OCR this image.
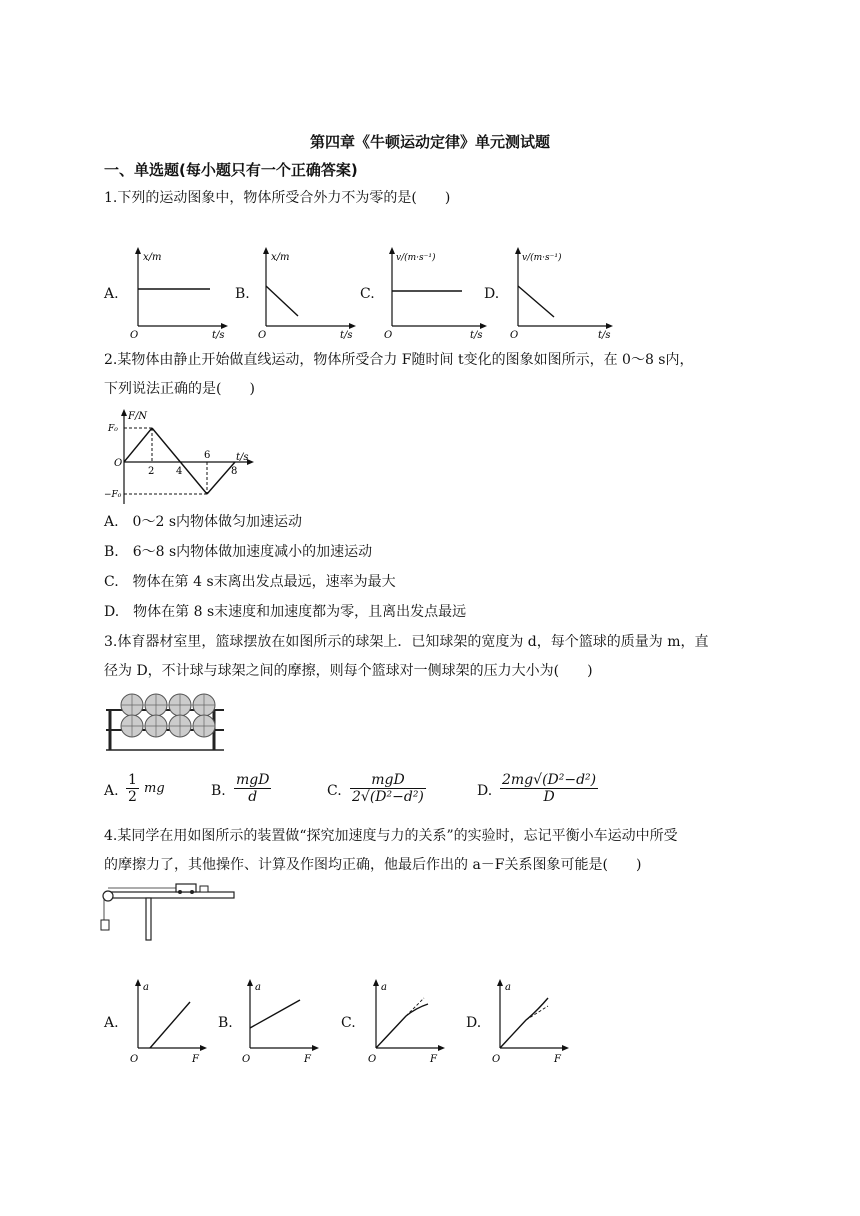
第四章《牛顿运动定律》单元测试题
一、单选题(每小题只有一个正确答案)
1.下列的运动图象中，物体所受合外力不为零的是(　　)
A.
x/m
t/s
O
B.
x/m
t/s
O
C.
v/(m·s⁻¹)
t/s
O
D.
v/(m·s⁻¹)
t/s
O
2.某物体由静止开始做直线运动，物体所受合力 F随时间 t变化的图象如图所示，在 0～8 s内，
下列说法正确的是(　　)
F/N
t/s
O
F₀
−F₀
2 4
6
8
A.　0～2 s内物体做匀加速运动
B.　6～8 s内物体做加速度减小的加速运动
C.　物体在第 4 s末离出发点最远，速率为最大
D.　物体在第 8 s末速度和加速度都为零，且离出发点最远
3.体育器材室里，篮球摆放在如图所示的球架上．已知球架的宽度为 d，每个篮球的质量为 m，直
径为 D，不计球与球架之间的摩擦，则每个篮球对一侧球架的压力大小为(　　)
A. $\frac{1}{2}$ mg	B. $\frac{\text{mgD}}{d}$	C. $\frac{\text{mgD}}{\text{2√(D²−d²)}}$	D. $\frac{\text{2mg√(D²−d²)}}{D}$
4.某同学在用如图所示的装置做“探究加速度与力的关系”的实验时，忘记平衡小车运动中所受
的摩擦力了，其他操作、计算及作图均正确，他最后作出的 a－F关系图象可能是(　　)
A.
a
F
O
B.
a
F
O
C.
a
F
O
D.
a
F
O
